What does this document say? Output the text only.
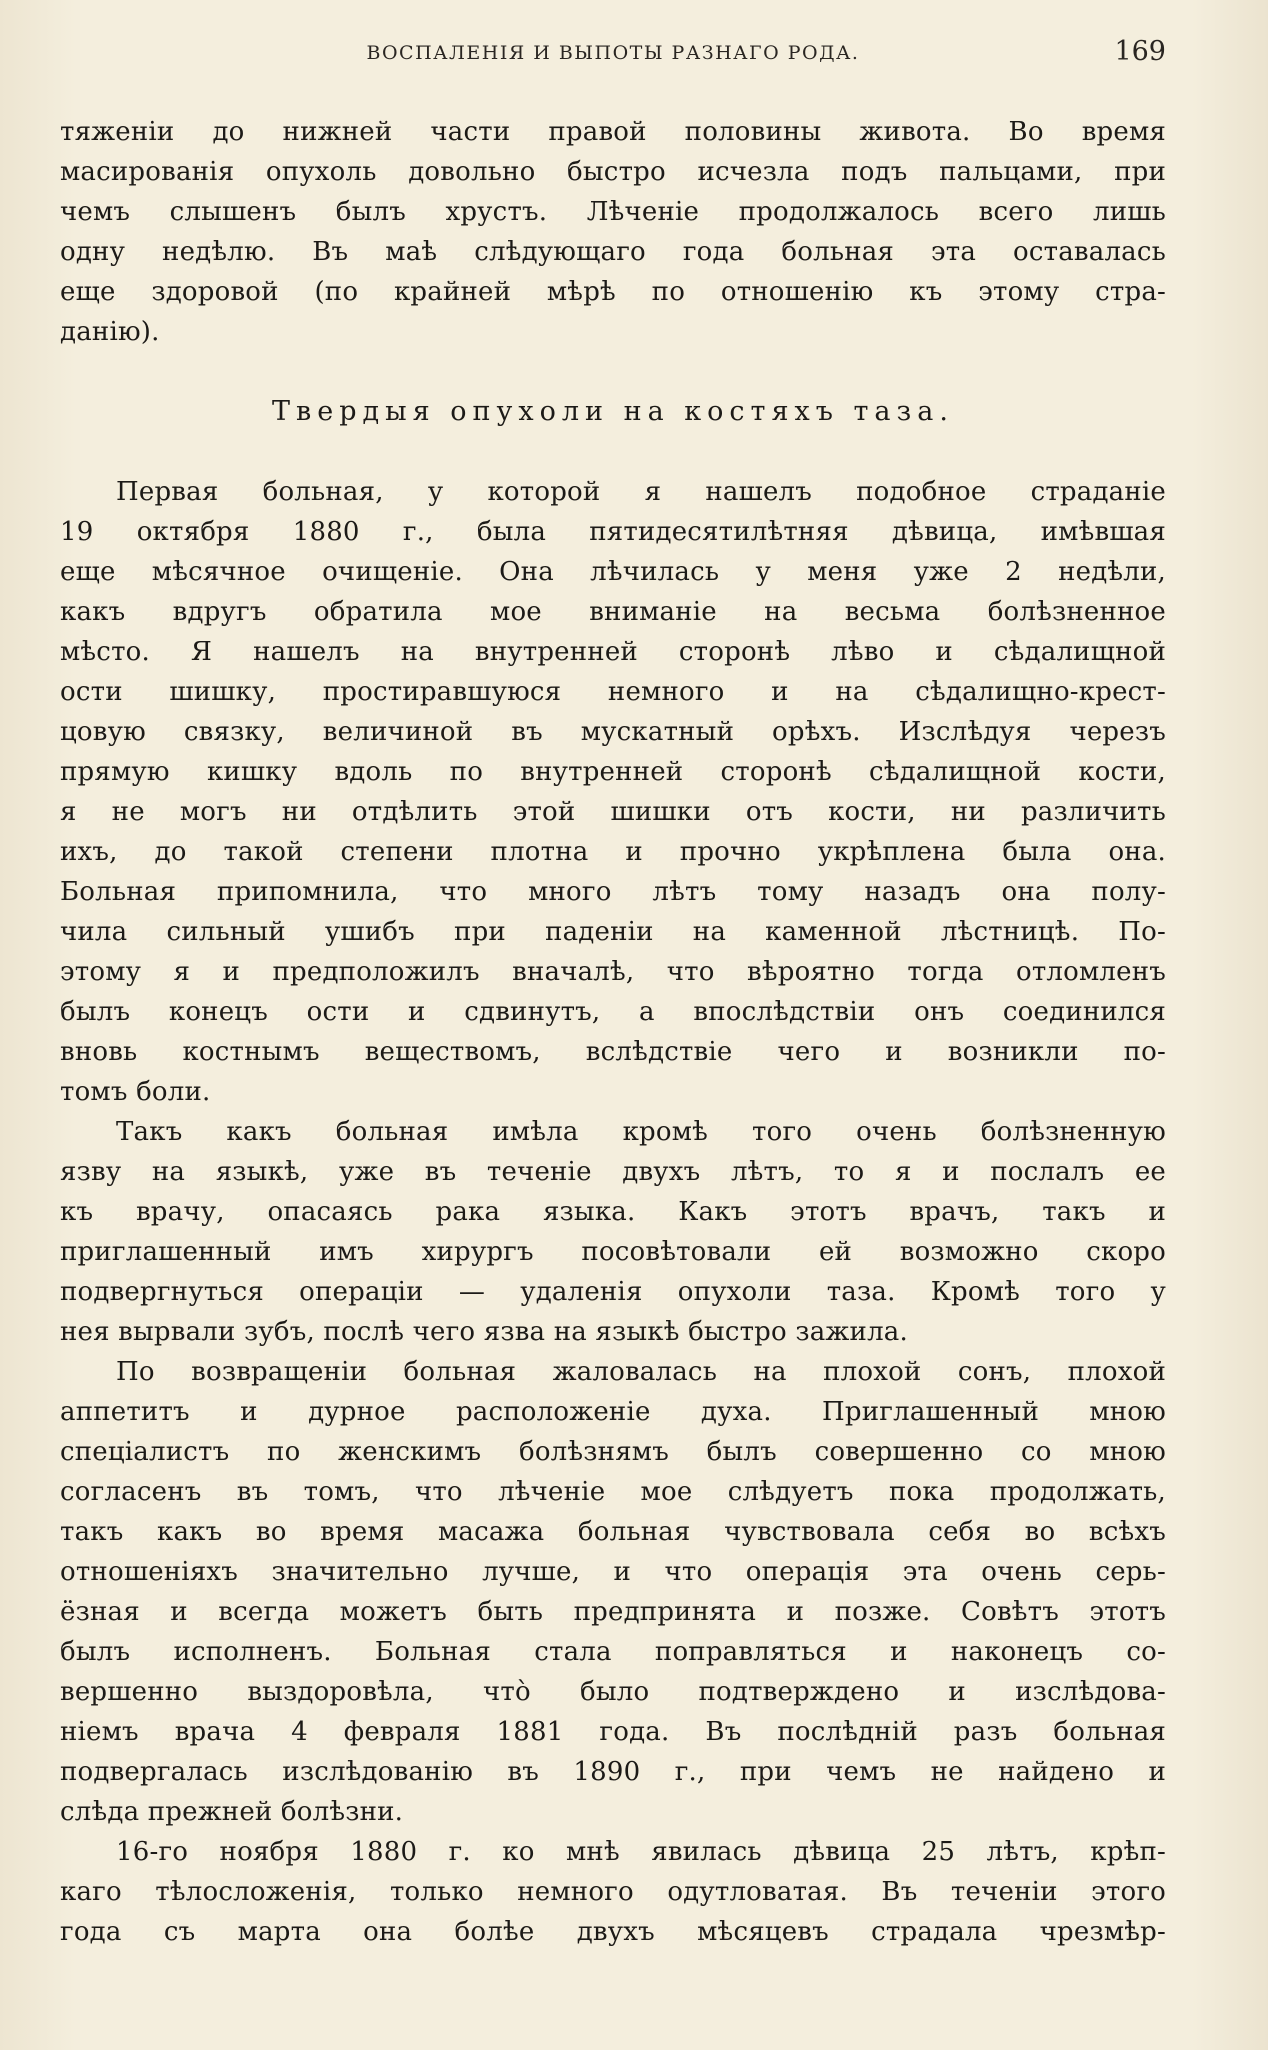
ВОСПАЛЕНІЯ И ВЫПОТЫ РАЗНАГО РОДА.	169
тяженіи до нижней части правой половины живота. Во время
масированія опухоль довольно быстро исчезла подъ пальцами, при
чемъ слышенъ былъ хрустъ. Лѣченіе продолжалось всего лишь
одну недѣлю. Въ маѣ слѣдующаго года больная эта оставалась
еще здоровой (по крайней мѣрѣ по отношенію къ этому стра-
данію).
Твердыя опухоли на костяхъ таза.
Первая больная, у которой я нашелъ подобное страданіе
19 октября 1880 г., была пятидесятилѣтняя дѣвица, имѣвшая
еще мѣсячное очищеніе. Она лѣчилась у меня уже 2 недѣли,
какъ вдругъ обратила мое вниманіе на весьма болѣзненное
мѣсто. Я нашелъ на внутренней сторонѣ лѣво и сѣдалищной
ости шишку, простиравшуюся немного и на сѣдалищно-крест-
цовую связку, величиной въ мускатный орѣхъ. Изслѣдуя черезъ
прямую кишку вдоль по внутренней сторонѣ сѣдалищной кости,
я не могъ ни отдѣлить этой шишки отъ кости, ни различить
ихъ, до такой степени плотна и прочно укрѣплена была она.
Больная припомнила, что много лѣтъ тому назадъ она полу-
чила сильный ушибъ при паденіи на каменной лѣстницѣ. По-
этому я и предположилъ вначалѣ, что вѣроятно тогда отломленъ
былъ конецъ ости и сдвинутъ, а впослѣдствіи онъ соединился
вновь костнымъ веществомъ, вслѣдствіе чего и возникли по-
томъ боли.
Такъ какъ больная имѣла кромѣ того очень болѣзненную
язву на языкѣ, уже въ теченіе двухъ лѣтъ, то я и послалъ ее
къ врачу, опасаясь рака языка. Какъ этотъ врачъ, такъ и
приглашенный имъ хирургъ посовѣтовали ей возможно скоро
подвергнуться операціи — удаленія опухоли таза. Кромѣ того у
нея вырвали зубъ, послѣ чего язва на языкѣ быстро зажила.
По возвращеніи больная жаловалась на плохой сонъ, плохой
аппетитъ и дурное расположеніе духа. Приглашенный мною
спеціалистъ по женскимъ болѣзнямъ былъ совершенно со мною
согласенъ въ томъ, что лѣченіе мое слѣдуетъ пока продолжать,
такъ какъ во время масажа больная чувствовала себя во всѣхъ
отношеніяхъ значительно лучше, и что операція эта очень серь-
ёзная и всегда можетъ быть предпринята и позже. Совѣтъ этотъ
былъ исполненъ. Больная стала поправляться и наконецъ со-
вершенно выздоровѣла, что̀ было подтверждено и изслѣдова-
ніемъ врача 4 февраля 1881 года. Въ послѣдній разъ больная
подвергалась изслѣдованію въ 1890 г., при чемъ не найдено и
слѣда прежней болѣзни.
16-го ноября 1880 г. ко мнѣ явилась дѣвица 25 лѣтъ, крѣп-
каго тѣлосложенія, только немного одутловатая. Въ теченіи этого
года съ марта она болѣе двухъ мѣсяцевъ страдала чрезмѣр-
